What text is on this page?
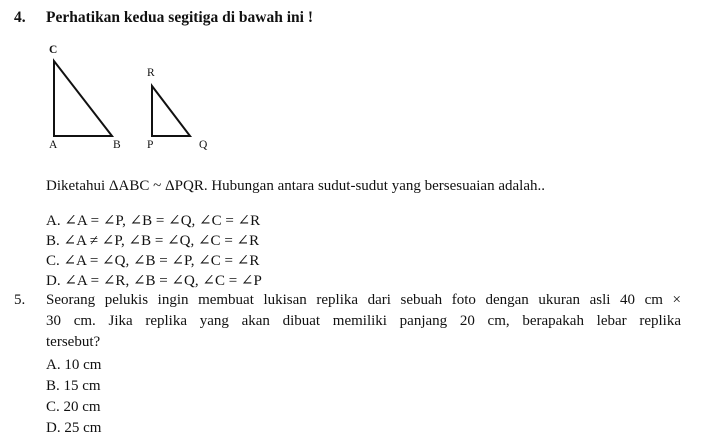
4. Perhatikan kedua segitiga di bawah ini !
C
A	B
R
P	Q
Diketahui ΔABC ~ ΔPQR. Hubungan antara sudut-sudut yang bersesuaian adalah..
A. ∠A = ∠P, ∠B = ∠Q, ∠C = ∠R
B. ∠A ≠ ∠P, ∠B = ∠Q, ∠C = ∠R
C. ∠A = ∠Q, ∠B = ∠P, ∠C = ∠R
D. ∠A = ∠R, ∠B = ∠Q, ∠C = ∠P
5. Seorang pelukis ingin membuat lukisan replika dari sebuah foto dengan ukuran asli 40 cm ×
30 cm. Jika replika yang akan dibuat memiliki panjang 20 cm, berapakah lebar replika
tersebut?
A. 10 cm
B. 15 cm
C. 20 cm
D. 25 cm
